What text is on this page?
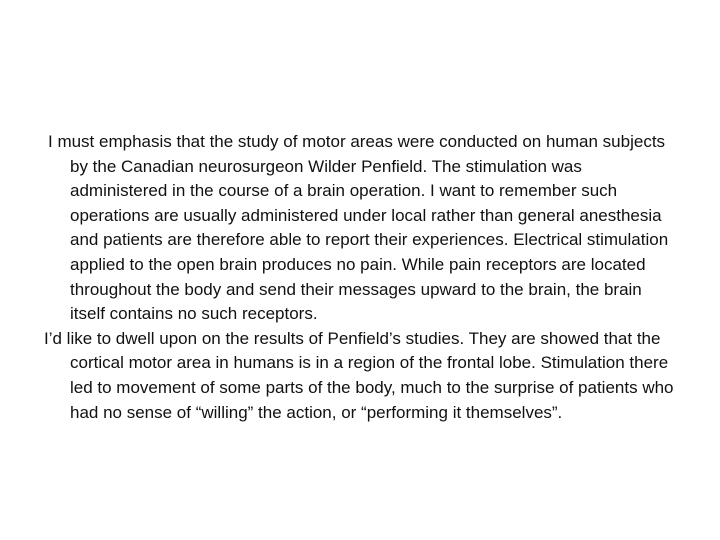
I must emphasis that the study of motor areas were conducted on human subjects by the Canadian neurosurgeon Wilder Penfield. The stimulation was administered in the course of a brain operation. I want to remember such operations are usually administered under local rather than general anesthesia and patients are therefore able to report their experiences. Electrical stimulation applied to the open brain produces no pain. While pain receptors are located throughout the body and send their messages upward to the brain, the brain itself contains no such receptors.

I’d like to dwell upon on the results of Penfield’s studies. They are showed that the cortical motor area in humans is in a region of the frontal lobe. Stimulation there led to movement of some parts of the body, much to the surprise of patients who had no sense of “willing” the action, or “performing it themselves”.
